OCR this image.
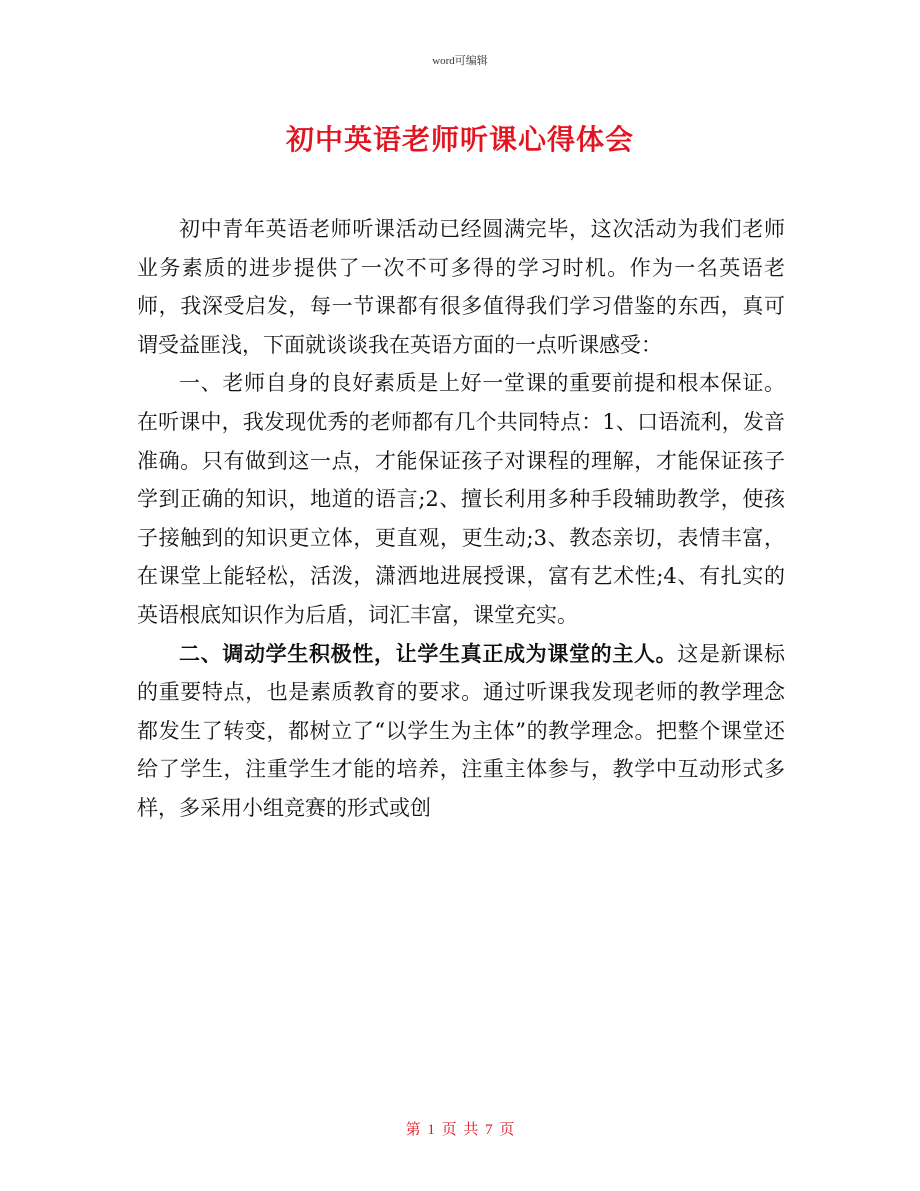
word可编辑
初中英语老师听课心得体会

初中青年英语老师听课活动已经圆满完毕，这次活动为我们老师业务素质的进步提供了一次不可多得的学习时机。作为一名英语老师，我深受启发，每一节课都有很多值得我们学习借鉴的东西，真可谓受益匪浅，下面就谈谈我在英语方面的一点听课感受：

一、老师自身的良好素质是上好一堂课的重要前提和根本保证。在听课中，我发现优秀的老师都有几个共同特点：1、口语流利，发音准确。只有做到这一点，才能保证孩子对课程的理解，才能保证孩子学到正确的知识，地道的语言;2、擅长利用多种手段辅助教学，使孩子接触到的知识更立体，更直观，更生动;3、教态亲切，表情丰富，在课堂上能轻松，活泼，潇洒地进展授课，富有艺术性;4、有扎实的英语根底知识作为后盾，词汇丰富，课堂充实。

二、调动学生积极性，让学生真正成为课堂的主人。这是新课标的重要特点，也是素质教育的要求。通过听课我发现老师的教学理念都发生了转变，都树立了“以学生为主体”的教学理念。把整个课堂还给了学生，注重学生才能的培养，注重主体参与，教学中互动形式多样，多采用小组竞赛的形式或创

第 1 页 共 7 页
